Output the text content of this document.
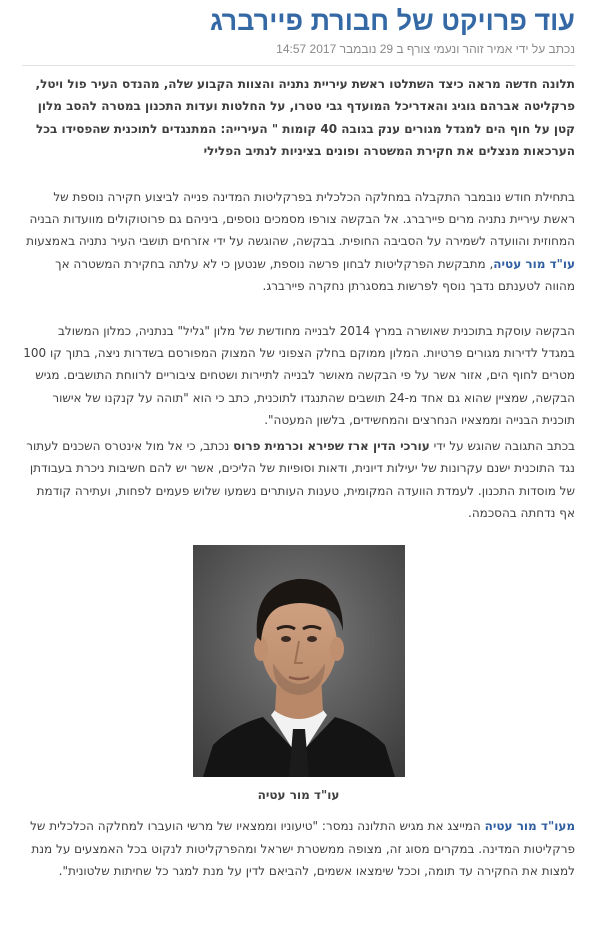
עוד פרויקט של חבורת פיירברג
נכתב על ידי אמיר זוהר ונעמי צורף ב 29 נובמבר 2017 14:57

תלונה חדשה מראה כיצד השתלטו ראשת עיריית נתניה והצוות הקבוע שלה, מהנדס העיר פול ויטל, פרקליטה אברהם גוגיג והאדריכל המועדף גבי טטרו, על החלטות ועדות התכנון במטרה להסב מלון קטן על חוף הים למגדל מגורים ענק בגובה 40 קומות " העירייה: המתנגדים לתוכנית שהפסידו בכל הערכאות מנצלים את חקירת המשטרה ופונים בציניות לנתיב הפלילי

בתחילת חודש נובמבר התקבלה במחלקה הכלכלית בפרקליטות המדינה פנייה לביצוע חקירה נוספת של ראשת עיריית נתניה מרים פיירברג. אל הבקשה צורפו מסמכים נוספים, ביניהם גם פרוטוקולים מוועדות הבניה המחוזית והוועדה לשמירה על הסביבה החופית. בבקשה, שהוגשה על ידי אזרחים תושבי העיר נתניה באמצעות עו"ד מור עטיה, מתבקשת הפרקליטות לבחון פרשה נוספת, שנטען כי לא עלתה בחקירת המשטרה אך מהווה לטענתם נדבך נוסף לפרשות במסגרתן נחקרה פיירברג.

הבקשה עוסקת בתוכנית שאושרה במרץ 2014 לבנייה מחודשת של מלון "גליל" בנתניה, כמלון המשולב במגדל לדירות מגורים פרטיות. המלון ממוקם בחלק הצפוני של המצוק המפורסם בשדרות ניצה, בתוך קו 100 מטרים לחוף הים, אזור אשר על פי הבקשה מאושר לבנייה לתיירות ושטחים ציבוריים לרווחת התושבים. מגיש הבקשה, שמציין שהוא גם אחד מ-24 תושבים שהתנגדו לתוכנית, כתב כי הוא "תוהה על קנקנו של אישור תוכנית הבנייה וממצאיו הנחרצים והמחשידים, בלשון המעטה".

בכתב התגובה שהוגש על ידי עורכי הדין ארז שפירא וכרמית פרוס נכתב, כי אל מול אינטרס השכנים לעתור נגד התוכנית ישנם עקרונות של יעילות דיונית, ודאות וסופיות של הליכים, אשר יש להם חשיבות ניכרת בעבודתן של מוסדות התכנון. לעמדת הוועדה המקומית, טענות העותרים נשמעו שלוש פעמים לפחות, ועתירה קודמת אף נדחתה בהסכמה.

עו"ד מור עטיה

מעו"ד מור עטיה המייצג את מגיש התלונה נמסר: "טיעוניו וממצאיו של מרשי הועברו למחלקה הכלכלית של פרקליטות המדינה. במקרים מסוג זה, מצופה ממשטרת ישראל ומהפרקליטות לנקוט בכל האמצעים על מנת למצות את החקירה עד תומה, וככל שימצאו אשמים, להביאם לדין על מנת למגר כל שחיתות שלטונית".
